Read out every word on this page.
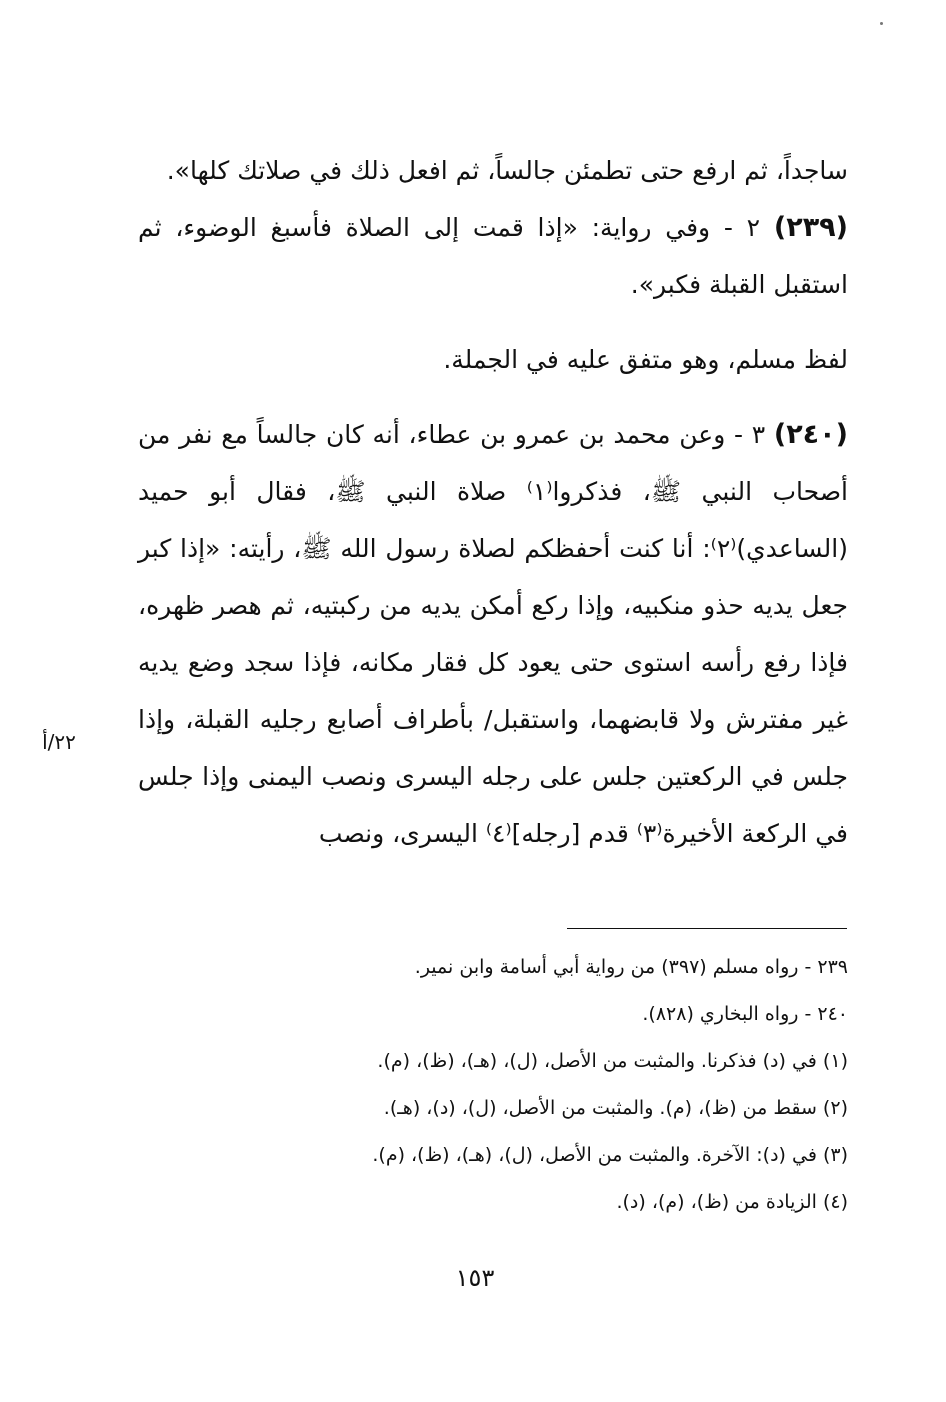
ساجداً، ثم ارفع حتى تطمئن جالساً، ثم افعل ذلك في صلاتك كلها».

(٢٣٩) ٢ - وفي رواية: «إذا قمت إلى الصلاة فأسبغ الوضوء، ثم استقبل القبلة فكبر».

لفظ مسلم، وهو متفق عليه في الجملة.

(٢٤٠) ٣ - وعن محمد بن عمرو بن عطاء، أنه كان جالساً مع نفر من أصحاب النبي ﷺ، فذكروا⁽١⁾ صلاة النبي ﷺ، فقال أبو حميد (الساعدي)⁽٢⁾: أنا كنت أحفظكم لصلاة رسول الله ﷺ، رأيته: «إذا كبر جعل يديه حذو منكبيه، وإذا ركع أمكن يديه من ركبتيه، ثم هصر ظهره، فإذا رفع رأسه استوى حتى يعود كل فقار مكانه، فإذا سجد وضع يديه غير مفترش ولا قابضهما، واستقبل/ بأطراف أصابع رجليه القبلة، وإذا جلس في الركعتين جلس على رجله اليسرى ونصب اليمنى وإذا جلس في الركعة الأخيرة⁽٣⁾ قدم [رجله]⁽٤⁾ اليسرى، ونصب

٢٢/أ

٢٣٩ - رواه مسلم (٣٩٧) من رواية أبي أسامة وابن نمير.

٢٤٠ - رواه البخاري (٨٢٨).

(١) في (د) فذكرنا. والمثبت من الأصل، (ل)، (هـ)، (ظ)، (م).

(٢) سقط من (ظ)، (م). والمثبت من الأصل، (ل)، (د)، (هـ).

(٣) في (د): الآخرة. والمثبت من الأصل، (ل)، (هـ)، (ظ)، (م).

(٤) الزيادة من (ظ)، (م)، (د).

١٥٣
